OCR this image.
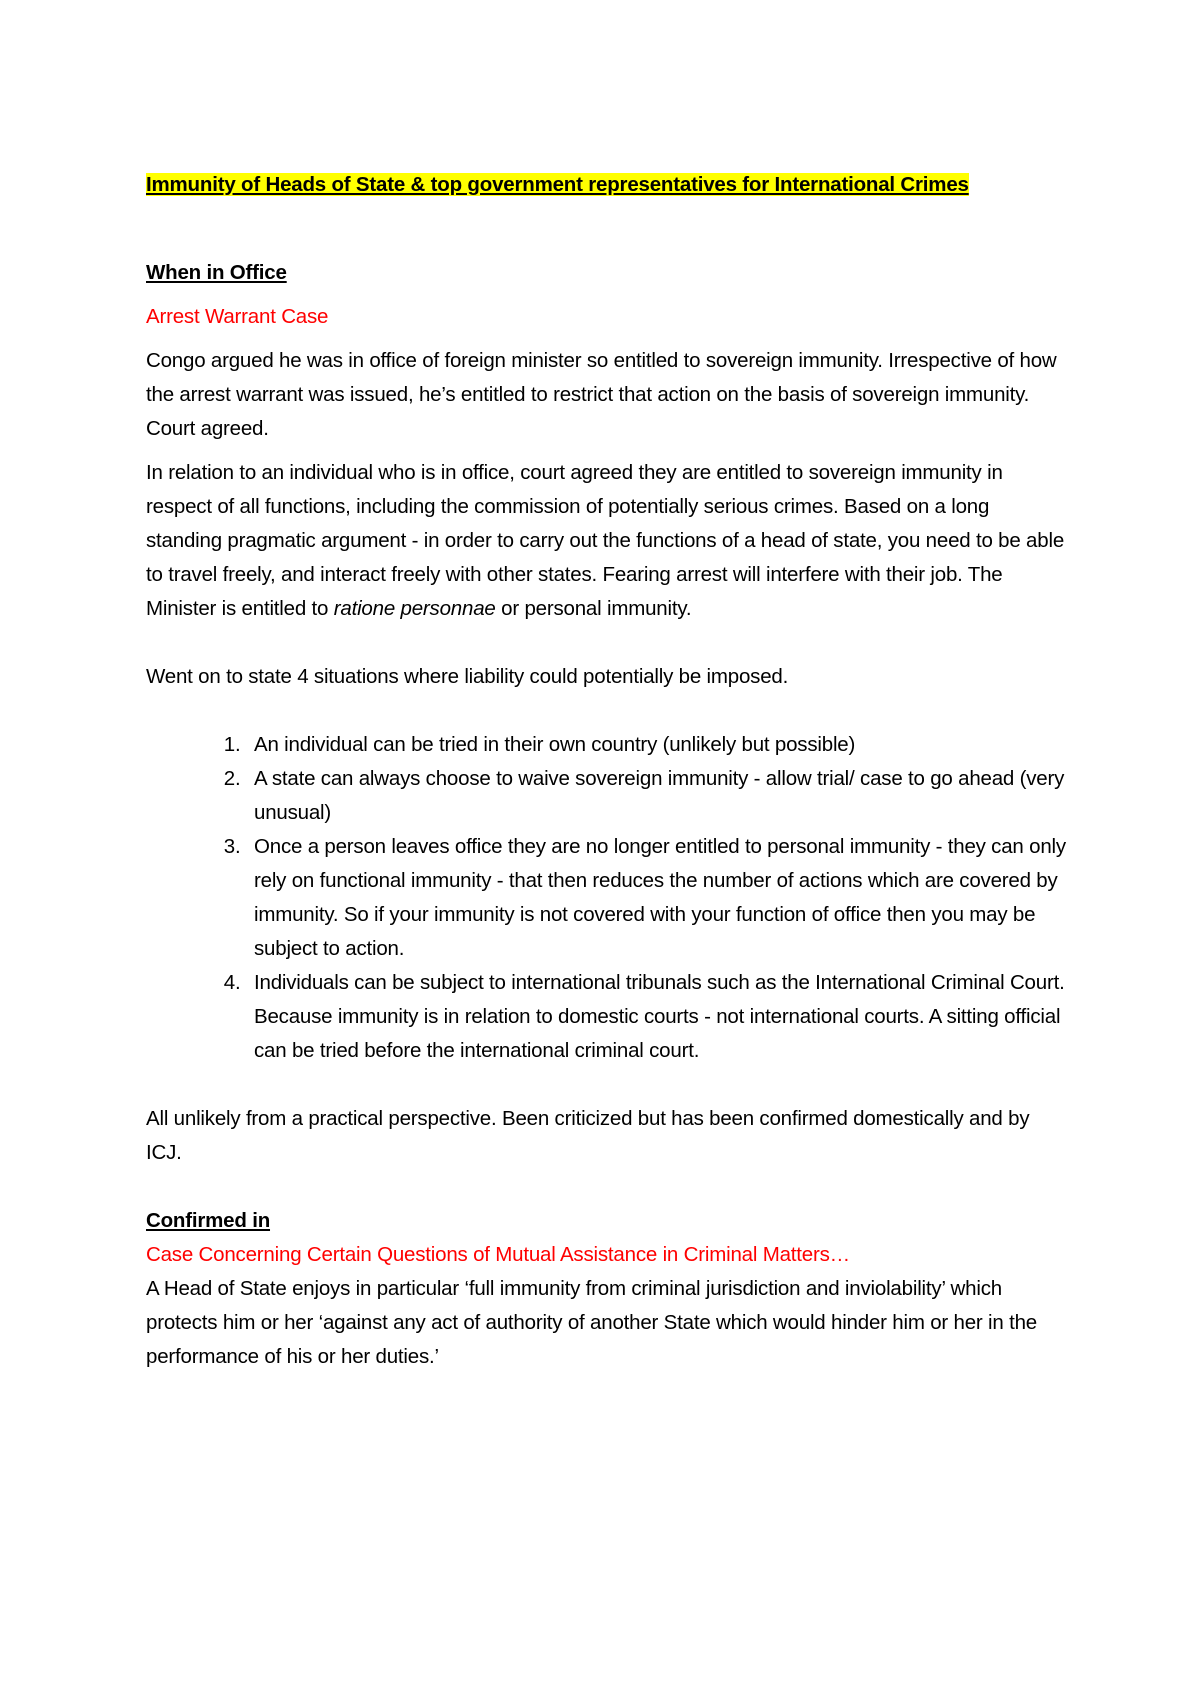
Immunity of Heads of State & top government representatives for International Crimes

When in Office

Arrest Warrant Case

Congo argued he was in office of foreign minister so entitled to sovereign immunity. Irrespective of how the arrest warrant was issued, he’s entitled to restrict that action on the basis of sovereign immunity. Court agreed.

In relation to an individual who is in office, court agreed they are entitled to sovereign immunity in respect of all functions, including the commission of potentially serious crimes. Based on a long standing pragmatic argument - in order to carry out the functions of a head of state, you need to be able to travel freely, and interact freely with other states. Fearing arrest will interfere with their job. The Minister is entitled to ratione personnae or personal immunity.

Went on to state 4 situations where liability could potentially be imposed.

1. An individual can be tried in their own country (unlikely but possible)
2. A state can always choose to waive sovereign immunity - allow trial/ case to go ahead (very unusual)
3. Once a person leaves office they are no longer entitled to personal immunity - they can only rely on functional immunity - that then reduces the number of actions which are covered by immunity. So if your immunity is not covered with your function of office then you may be subject to action.
4. Individuals can be subject to international tribunals such as the International Criminal Court. Because immunity is in relation to domestic courts - not international courts. A sitting official can be tried before the international criminal court.

All unlikely from a practical perspective. Been criticized but has been confirmed domestically and by ICJ.

Confirmed in

Case Concerning Certain Questions of Mutual Assistance in Criminal Matters…

A Head of State enjoys in particular ‘full immunity from criminal jurisdiction and inviolability’ which protects him or her ‘against any act of authority of another State which would hinder him or her in the performance of his or her duties.’
